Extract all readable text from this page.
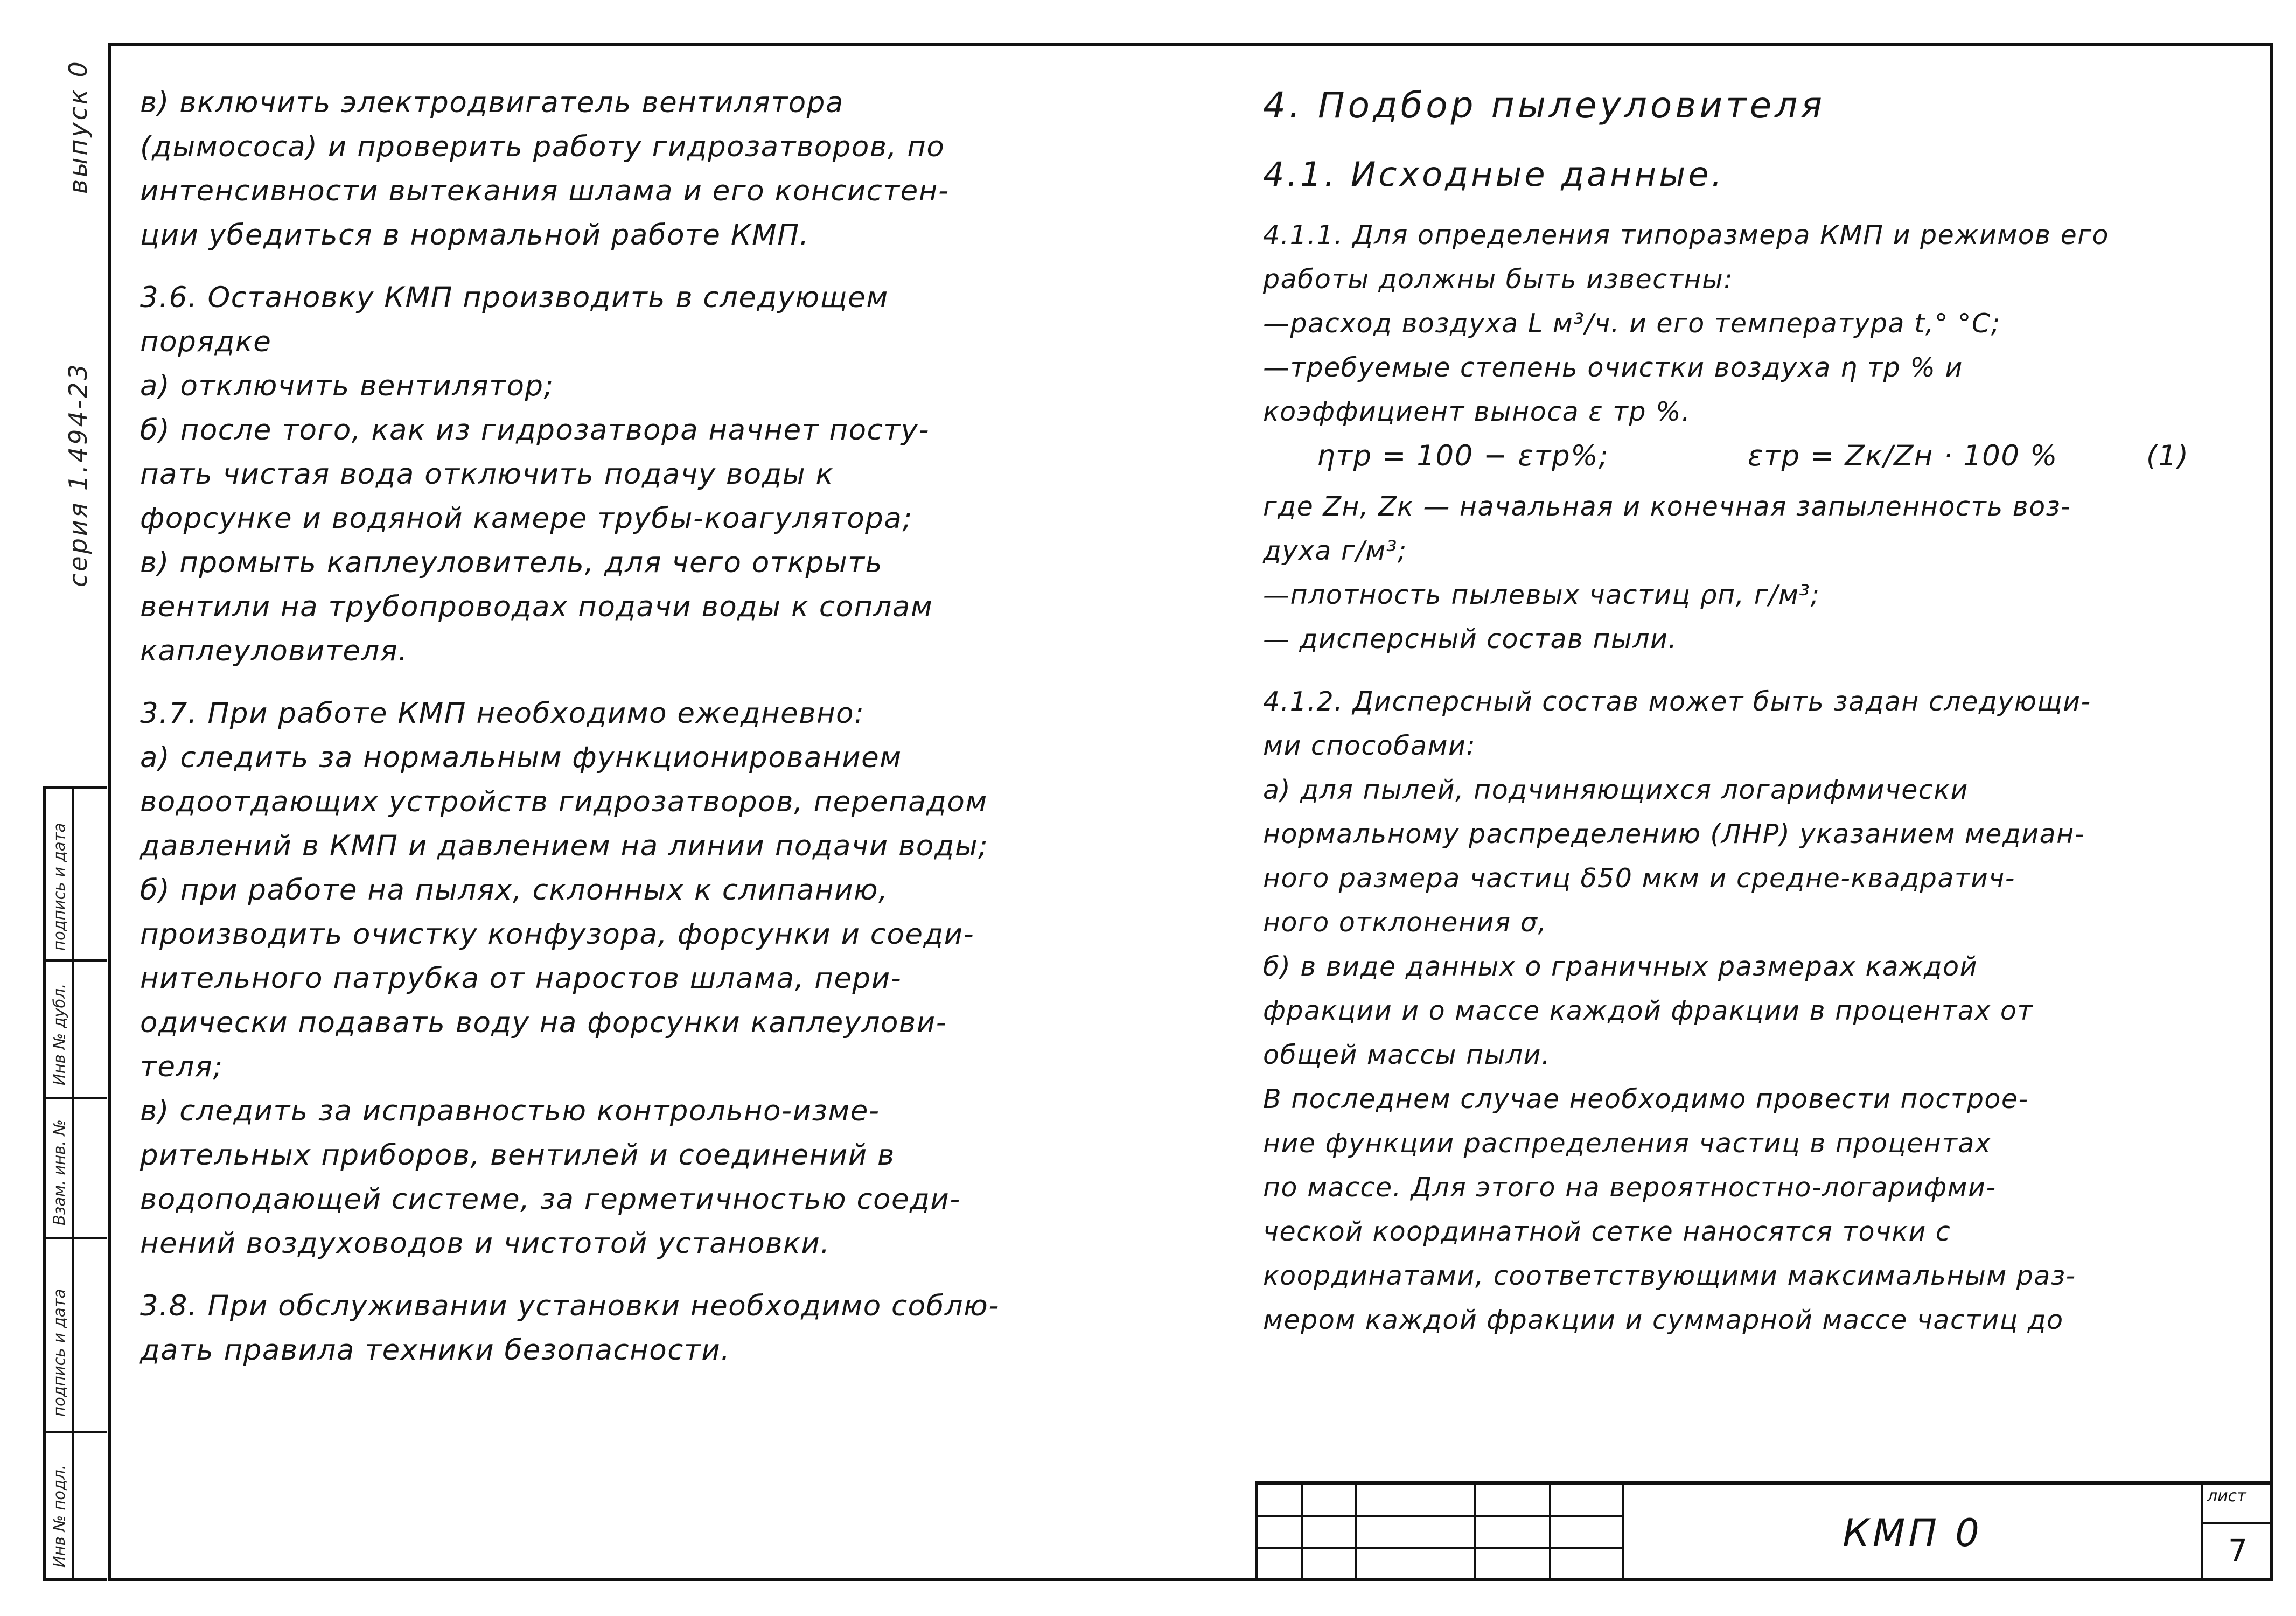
выпуск 0
серия 1.494-23
подпись и дата
Инв № дубл.
Взам. инв. №
подпись и дата
Инв № подл.

в) включить электродвигатель вентилятора
(дымососа) и проверить работу гидрозатворов, по
интенсивности вытекания шлама и его консистен-
ции убедиться в нормальной работе КМП.

3.6. Остановку КМП производить в следующем
порядке

а) отключить вентилятор;
б) после того, как из гидрозатвора начнет посту-
пать чистая вода отключить подачу воды к
форсунке и водяной камере трубы-коагулятора;
в) промыть каплеуловитель, для чего открыть
вентили на трубопроводах подачи воды к соплам
каплеуловителя.

3.7. При работе КМП необходимо ежедневно:

а) следить за нормальным функционированием
водоотдающих устройств гидрозатворов, перепадом
давлений в КМП и давлением на линии подачи воды;
б) при работе на пылях, склонных к слипанию,
производить очистку конфузора, форсунки и соеди-
нительного патрубка от наростов шлама, пери-
одически подавать воду на форсунки каплеулови-
теля;
в) следить за исправностью контрольно-изме-
рительных приборов, вентилей и соединений в
водоподающей системе, за герметичностью соеди-
нений воздуховодов и чистотой установки.

3.8. При обслуживании установки необходимо соблю-
дать правила техники безопасности.

4. Подбор пылеуловителя
4.1. Исходные данные.

4.1.1. Для определения типоразмера КМП и режимов его
работы должны быть известны:

—расход воздуха L м³/ч. и его температура t,° °C;
—требуемые степень очистки воздуха η тр % и
коэффициент выноса ε тр %.

ηтр = 100 − εтр%;	εтр = Zк/Zн · 100 %	(1)

где Zн, Zк — начальная и конечная запыленность воз-
духа г/м³;
—плотность пылевых частиц ρп, г/м³;
— дисперсный состав пыли.

4.1.2. Дисперсный состав может быть задан следующи-
ми способами:

а) для пылей, подчиняющихся логарифмически
нормальному распределению (ЛНР) указанием медиан-
ного размера частиц δ50 мкм и средне-квадратич-
ного отклонения σ,
б) в виде данных о граничных размерах каждой
фракции и о массе каждой фракции в процентах от
общей массы пыли.
В последнем случае необходимо провести построе-
ние функции распределения частиц в процентах
по массе. Для этого на вероятностно-логарифми-
ческой координатной сетке наносятся точки с
координатами, соответствующими максимальным раз-
мером каждой фракции и суммарной массе частиц до

КМП 0
лист
7
